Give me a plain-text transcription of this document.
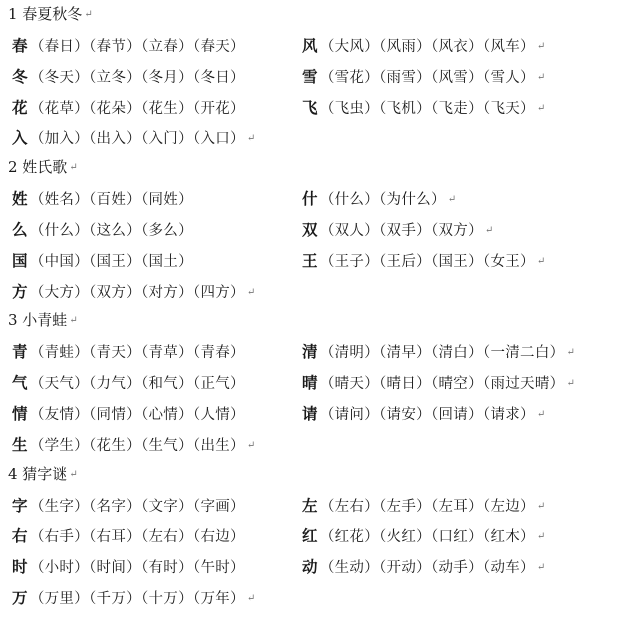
1 春夏秋冬 ↵
春 （春日）（春节）（立春）（春天）	风 （大风）（风雨）（风衣）（风车） ↵
冬 （冬天）（立冬）（冬月）（冬日）	雪 （雪花）（雨雪）（风雪）（雪人） ↵
花 （花草）（花朵）（花生）（开花）	飞 （飞虫）（飞机）（飞走）（飞天） ↵
入 （加入）（出入）（入门）（入口） ↵
2 姓氏歌 ↵
姓 （姓名）（百姓）（同姓）	什 （什么）（为什么） ↵
么 （什么）（这么）（多么）	双 （双人）（双手）（双方） ↵
国 （中国）（国王）（国土）	王 （王子）（王后）（国王）（女王） ↵
方 （大方）（双方）（对方）（四方） ↵
3 小青蛙 ↵
青 （青蛙）（青天）（青草）（青春）	清 （清明）（清早）（清白）（一清二白） ↵
气 （天气）（力气）（和气）（正气）	晴 （晴天）（晴日）（晴空）（雨过天晴） ↵
情 （友情）（同情）（心情）（人情）	请 （请问）（请安）（回请）（请求） ↵
生 （学生）（花生）（生气）（出生） ↵
4 猜字谜 ↵
字 （生字）（名字）（文字）（字画）	左 （左右）（左手）（左耳）（左边） ↵
右 （右手）（右耳）（左右）（右边）	红 （红花）（火红）（口红）（红木） ↵
时 （小时）（时间）（有时）（午时）	动 （生动）（开动）（动手）（动车） ↵
万 （万里）（千万）（十万）（万年） ↵
